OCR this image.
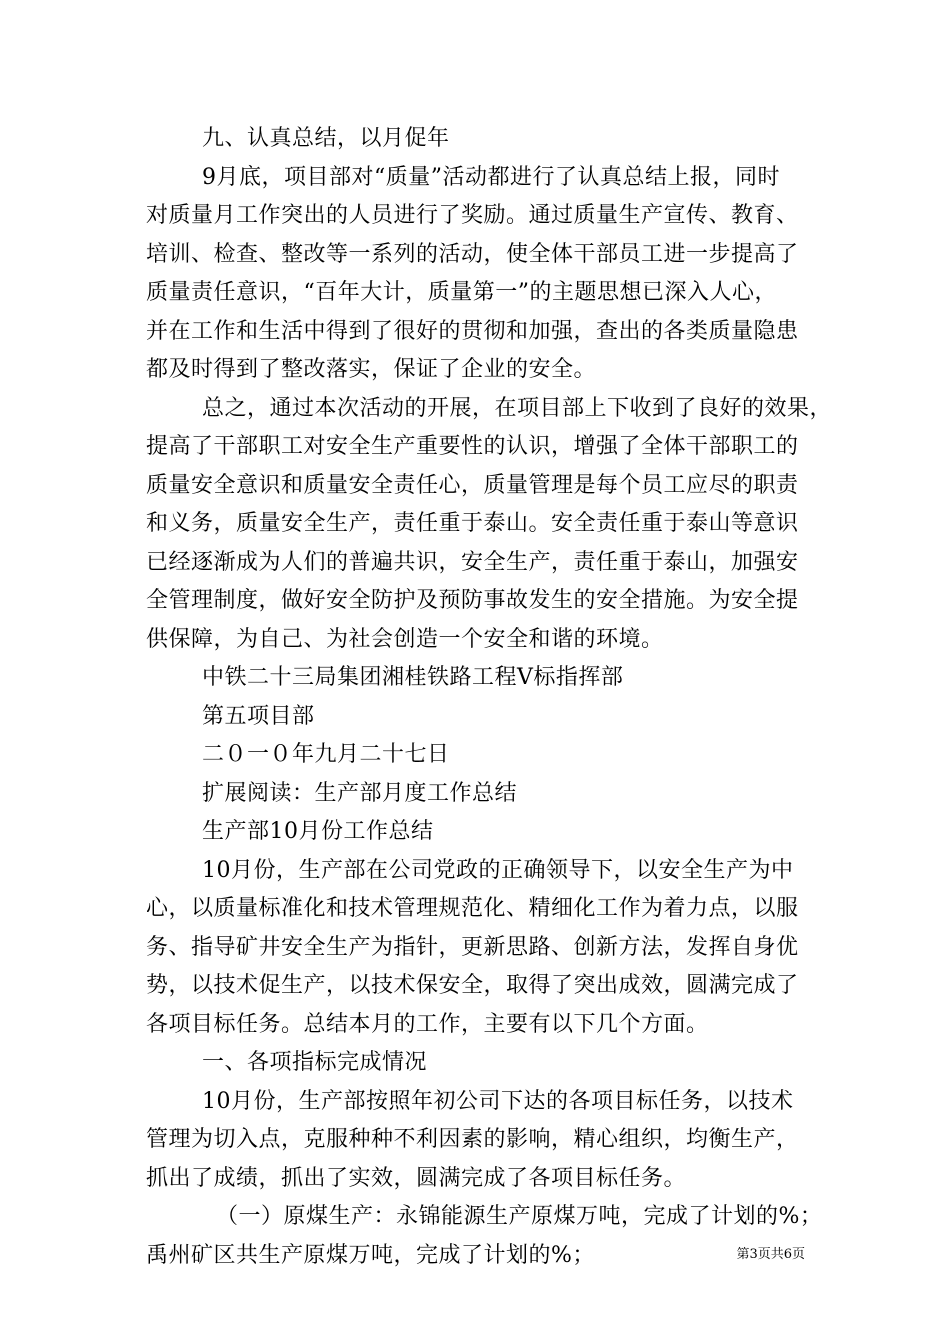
九、认真总结，以月促年
9月底，项目部对“质量”活动都进行了认真总结上报，同时
对质量月工作突出的人员进行了奖励。通过质量生产宣传、教育、
培训、检查、整改等一系列的活动，使全体干部员工进一步提高了
质量责任意识，“百年大计，质量第一”的主题思想已深入人心，
并在工作和生活中得到了很好的贯彻和加强，查出的各类质量隐患
都及时得到了整改落实，保证了企业的安全。
总之，通过本次活动的开展，在项目部上下收到了良好的效果，
提高了干部职工对安全生产重要性的认识，增强了全体干部职工的
质量安全意识和质量安全责任心，质量管理是每个员工应尽的职责
和义务，质量安全生产，责任重于泰山。安全责任重于泰山等意识
已经逐渐成为人们的普遍共识，安全生产，责任重于泰山，加强安
全管理制度，做好安全防护及预防事故发生的安全措施。为安全提
供保障，为自己、为社会创造一个安全和谐的环境。
中铁二十三局集团湘桂铁路工程Ⅴ标指挥部
第五项目部
二０一０年九月二十七日
扩展阅读：生产部月度工作总结
生产部10月份工作总结
10月份，生产部在公司党政的正确领导下，以安全生产为中
心，以质量标准化和技术管理规范化、精细化工作为着力点，以服
务、指导矿井安全生产为指针，更新思路、创新方法，发挥自身优
势，以技术促生产，以技术保安全，取得了突出成效，圆满完成了
各项目标任务。总结本月的工作，主要有以下几个方面。
一、各项指标完成情况
10月份，生产部按照年初公司下达的各项目标任务，以技术
管理为切入点，克服种种不利因素的影响，精心组织，均衡生产，
抓出了成绩，抓出了实效，圆满完成了各项目标任务。
（一）原煤生产：永锦能源生产原煤万吨，完成了计划的%；
禹州矿区共生产原煤万吨，完成了计划的%；	第3页共6页
